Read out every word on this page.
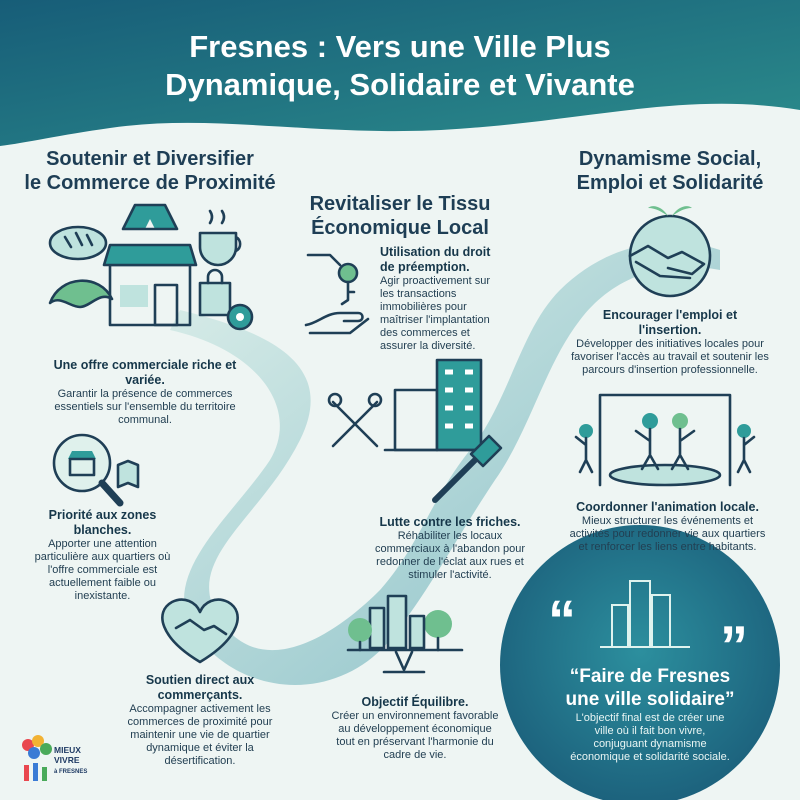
Fresnes : Vers une Ville Plus
Dynamique, Solidaire et Vivante
Soutenir et Diversifier
le Commerce de Proximité
Revitaliser le Tissu
Économique Local
Dynamisme Social,
Emploi et Solidarité
Une offre commerciale riche et variée.
Garantir la présence de commerces essentiels sur l'ensemble du territoire communal.
Priorité aux zones blanches.
Apporter une attention particulière aux quartiers où l'offre commerciale est actuellement faible ou inexistante.
Soutien direct aux commerçants.
Accompagner activement les commerces de proximité pour maintenir une vie de quartier dynamique et éviter la désertification.
Utilisation du droit de préemption.
Agir proactivement sur les transactions immobilières pour maîtriser l'implantation des commerces et assurer la diversité.
Lutte contre les friches.
Réhabiliter les locaux commerciaux à l'abandon pour redonner de l'éclat aux rues et stimuler l'activité.
Objectif Équilibre.
Créer un environnement favorable au développement économique tout en préservant l'harmonie du cadre de vie.
Encourager l'emploi et l'insertion.
Développer des initiatives locales pour favoriser l'accès au travail et soutenir les parcours d'insertion professionnelle.
Coordonner l'animation locale.
Mieux structurer les événements et activités pour redonner vie aux quartiers et renforcer les liens entre habitants.
“	”
“Faire de Fresnes une ville solidaire”
L'objectif final est de créer une ville où il fait bon vivre, conjuguant dynamisme économique et solidarité sociale.
MIEUX
VIVRE
à FRESNES
